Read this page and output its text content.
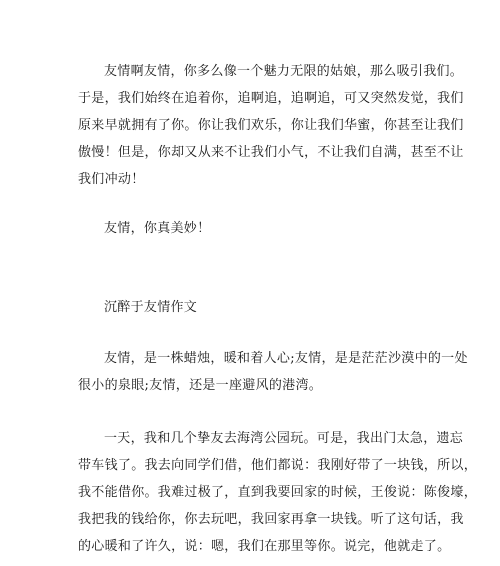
友情啊友情，你多么像一个魅力无限的姑娘，那么吸引我们。
于是，我们始终在追着你，追啊追，追啊追，可又突然发觉，我们
原来早就拥有了你。你让我们欢乐，你让我们华蜜，你甚至让我们
傲慢！但是，你却又从来不让我们小气，不让我们自满，甚至不让
我们冲动！
友情，你真美妙！
沉醉于友情作文
友情，是一株蜡烛，暖和着人心;友情，是是茫茫沙漠中的一处
很小的泉眼;友情，还是一座避风的港湾。
一天，我和几个挚友去海湾公园玩。可是，我出门太急，遗忘
带车钱了。我去向同学们借，他们都说：我刚好带了一块钱，所以，
我不能借你。我难过极了，直到我要回家的时候，王俊说：陈俊壕，
我把我的钱给你，你去玩吧，我回家再拿一块钱。听了这句话，我
的心暖和了许久，说：嗯，我们在那里等你。说完，他就走了。
